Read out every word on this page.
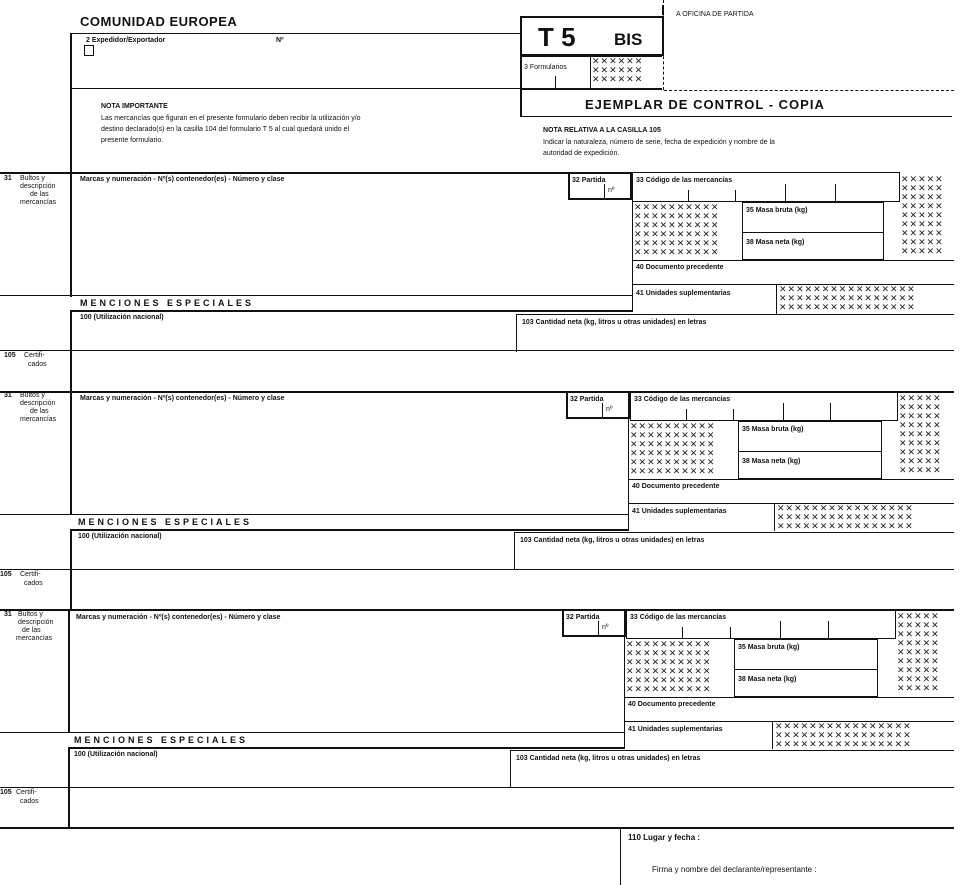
COMUNIDAD EUROPEA
T 5 BIS
A OFICINA DE PARTIDA
2 Expedidor/Exportador	Nº
3 Formularios
✕✕✕✕✕✕
✕✕✕✕✕✕
✕✕✕✕✕✕
EJEMPLAR DE CONTROL - COPIA
NOTA IMPORTANTE
Las mercancías que figuran en el presente formulario deben recibir la utilización y/o
destino declarado(s) en la casilla 104 del formulario T 5 al cual quedará unido el
presente formulario.
NOTA RELATIVA A LA CASILLA 105
Indicar la naturaleza, número de serie, fecha de expedición y nombre de la
autoridad de expedición.
31 Bultos y
descripción
de las
mercancías
Marcas y numeración - Nº(s) contenedor(es) - Número y clase	32 Partida
nº
33 Código de las mercancías	✕✕✕✕✕
✕✕✕✕✕
✕✕✕✕✕
✕✕✕✕✕
✕✕✕✕✕
✕✕✕✕✕
✕✕✕✕✕
✕✕✕✕✕
✕✕✕✕✕
✕✕✕✕✕✕✕✕✕✕
✕✕✕✕✕✕✕✕✕✕
✕✕✕✕✕✕✕✕✕✕
✕✕✕✕✕✕✕✕✕✕
✕✕✕✕✕✕✕✕✕✕
✕✕✕✕✕✕✕✕✕✕
35 Masa bruta (kg)
38 Masa neta (kg)
40 Documento precedente
41 Unidades suplementarias	✕✕✕✕✕✕✕✕✕✕✕✕✕✕✕✕
✕✕✕✕✕✕✕✕✕✕✕✕✕✕✕✕
✕✕✕✕✕✕✕✕✕✕✕✕✕✕✕✕
MENCIONES ESPECIALES
100 (Utilización nacional)
103 Cantidad neta (kg, litros u otras unidades) en letras
105 Certifi-
cados
31 Bultos y
descripción
de las
mercancías
Marcas y numeración - Nº(s) contenedor(es) - Número y clase	32 Partida
nº
33 Código de las mercancías	✕✕✕✕✕
✕✕✕✕✕
✕✕✕✕✕
✕✕✕✕✕
✕✕✕✕✕
✕✕✕✕✕
✕✕✕✕✕
✕✕✕✕✕
✕✕✕✕✕
✕✕✕✕✕✕✕✕✕✕
✕✕✕✕✕✕✕✕✕✕
✕✕✕✕✕✕✕✕✕✕
✕✕✕✕✕✕✕✕✕✕
✕✕✕✕✕✕✕✕✕✕
✕✕✕✕✕✕✕✕✕✕
35 Masa bruta (kg)
38 Masa neta (kg)
40 Documento precedente
41 Unidades suplementarias	✕✕✕✕✕✕✕✕✕✕✕✕✕✕✕✕
✕✕✕✕✕✕✕✕✕✕✕✕✕✕✕✕
✕✕✕✕✕✕✕✕✕✕✕✕✕✕✕✕
MENCIONES ESPECIALES
100 (Utilización nacional)
103 Cantidad neta (kg, litros u otras unidades) en letras
105 Certifi-
cados
31 Bultos y
descripción
de las
mercancías
Marcas y numeración - Nº(s) contenedor(es) - Número y clase	32 Partida
nº
33 Código de las mercancías	✕✕✕✕✕
✕✕✕✕✕
✕✕✕✕✕
✕✕✕✕✕
✕✕✕✕✕
✕✕✕✕✕
✕✕✕✕✕
✕✕✕✕✕
✕✕✕✕✕
✕✕✕✕✕✕✕✕✕✕
✕✕✕✕✕✕✕✕✕✕
✕✕✕✕✕✕✕✕✕✕
✕✕✕✕✕✕✕✕✕✕
✕✕✕✕✕✕✕✕✕✕
✕✕✕✕✕✕✕✕✕✕
35 Masa bruta (kg)
38 Masa neta (kg)
40 Documento precedente
41 Unidades suplementarias	✕✕✕✕✕✕✕✕✕✕✕✕✕✕✕✕
✕✕✕✕✕✕✕✕✕✕✕✕✕✕✕✕
✕✕✕✕✕✕✕✕✕✕✕✕✕✕✕✕
MENCIONES ESPECIALES
100 (Utilización nacional)
103 Cantidad neta (kg, litros u otras unidades) en letras
105 Certifi-
cados
110 Lugar y fecha :
Firma y nombre del declarante/representante :
